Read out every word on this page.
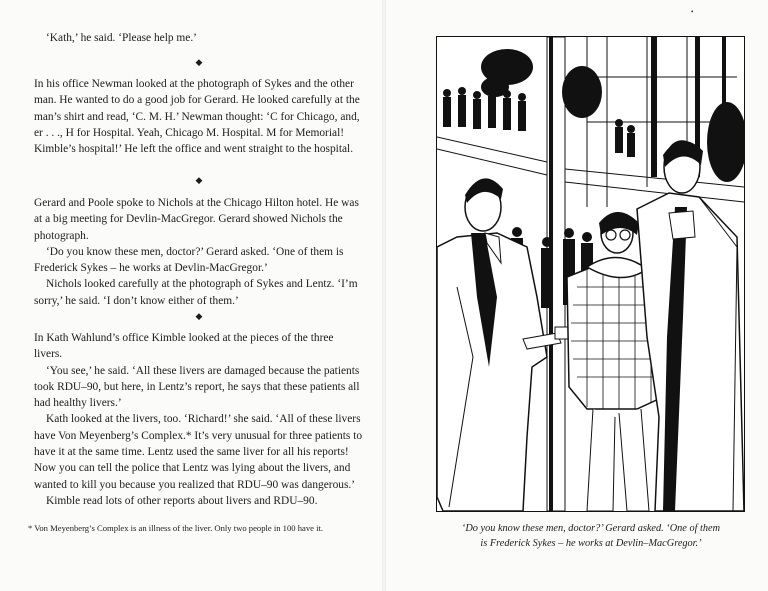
‘Kath,’ he said. ‘Please help me.’

◆

In his office Newman looked at the photograph of Sykes and the other man. He wanted to do a good job for Gerard. He looked carefully at the man’s shirt and read, ‘C. M. H.’ Newman thought: ‘C for Chicago, and, er . . ., H for Hospital. Yeah, Chicago M. Hospital. M for Memorial! Kimble’s hospital!’ He left the office and went straight to the hospital.

◆

Gerard and Poole spoke to Nichols at the Chicago Hilton hotel. He was at a big meeting for Devlin-MacGregor. Gerard showed Nichols the photograph.

‘Do you know these men, doctor?’ Gerard asked. ‘One of them is Frederick Sykes – he works at Devlin-MacGregor.’

Nichols looked carefully at the photograph of Sykes and Lentz. ‘I’m sorry,’ he said. ‘I don’t know either of them.’

◆

In Kath Wahlund’s office Kimble looked at the pieces of the three livers.

‘You see,’ he said. ‘All these livers are damaged because the patients took RDU–90, but here, in Lentz’s report, he says that these patients all had healthy livers.’

Kath looked at the livers, too. ‘Richard!’ she said. ‘All of these livers have Von Meyenberg’s Complex.* It’s very unusual for three patients to have it at the same time. Lentz used the same liver for all his reports! Now you can tell the police that Lentz was lying about the livers, and wanted to kill you because you realized that RDU–90 was dangerous.’

Kimble read lots of other reports about livers and RDU–90.

* Von Meyenberg’s Complex is an illness of the liver. Only two people in 100 have it.
•
‘Do you know these men, doctor?’ Gerard asked. ‘One of them
is Frederick Sykes – he works at Devlin–MacGregor.’
